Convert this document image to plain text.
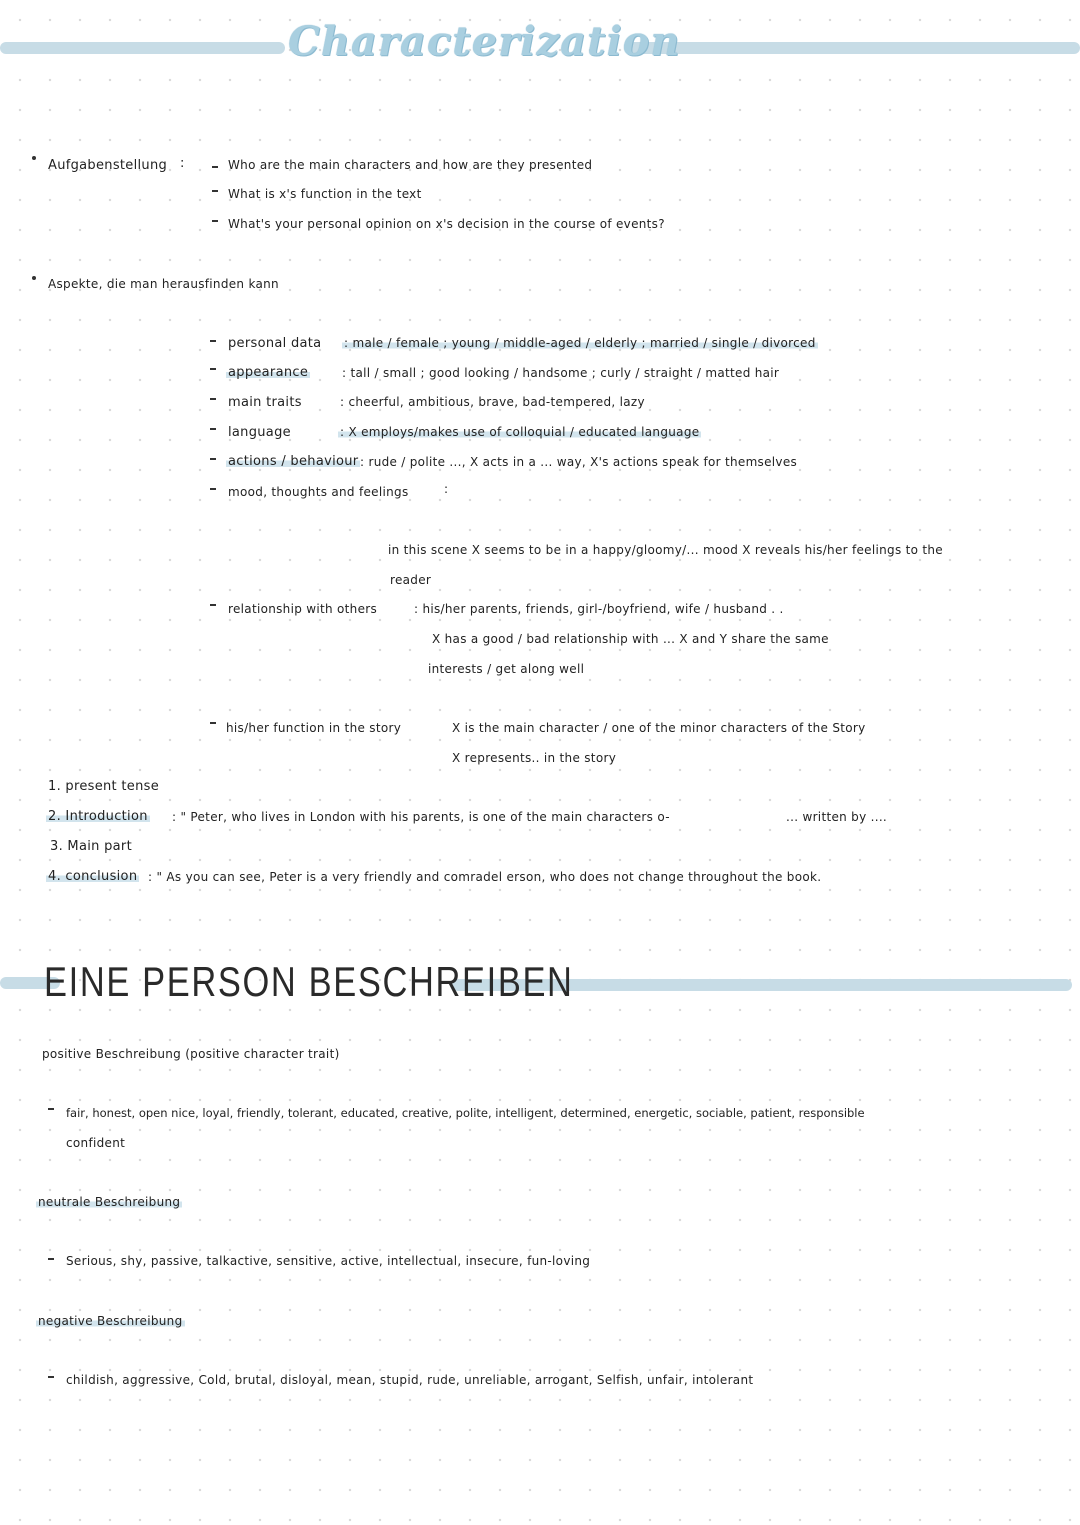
Characterization
Aufgabenstellung :	Who are the main characters and how are they presented
What is x's function in the text
What's your personal opinion on x's decision in the course of events?
Aspekte, die man herausfinden kann
personal data : male / female ; young / middle-aged / elderly ; married / single / divorced
appearance	: tall / small ; good looking / handsome ; curly / straight / matted hair
main traits	: cheerful, ambitious, brave, bad-tempered, lazy
language	: X employs/makes use of colloquial / educated language
actions / behaviour : rude / polite ..., X acts in a ... way, X's actions speak for themselves
mood, thoughts and feelings	:
in this scene X seems to be in a happy/gloomy/... mood X reveals his/her feelings to the
reader
relationship with others	: his/her parents, friends, girl-/boyfriend, wife / husband . .
X has a good / bad relationship with ... X and Y share the same
interests / get along well
his/her function in the story	X is the main character / one of the minor characters of the Story
X represents.. in the story
1. present tense
2. Introduction : " Peter, who lives in London with his parents, is one of the main characters o-	... written by ....
3. Main part
4. conclusion : " As you can see, Peter is a very friendly and comradel erson, who does not change throughout the book.
EINE PERSON BESCHREIBEN
positive Beschreibung (positive character trait)
fair, honest, open nice, loyal, friendly, tolerant, educated, creative, polite, intelligent, determined, energetic, sociable, patient, responsible
confident
neutrale Beschreibung
Serious, shy, passive, talkactive, sensitive, active, intellectual, insecure, fun-loving
negative Beschreibung
childish, aggressive, Cold, brutal, disloyal, mean, stupid, rude, unreliable, arrogant, Selfish, unfair, intolerant
